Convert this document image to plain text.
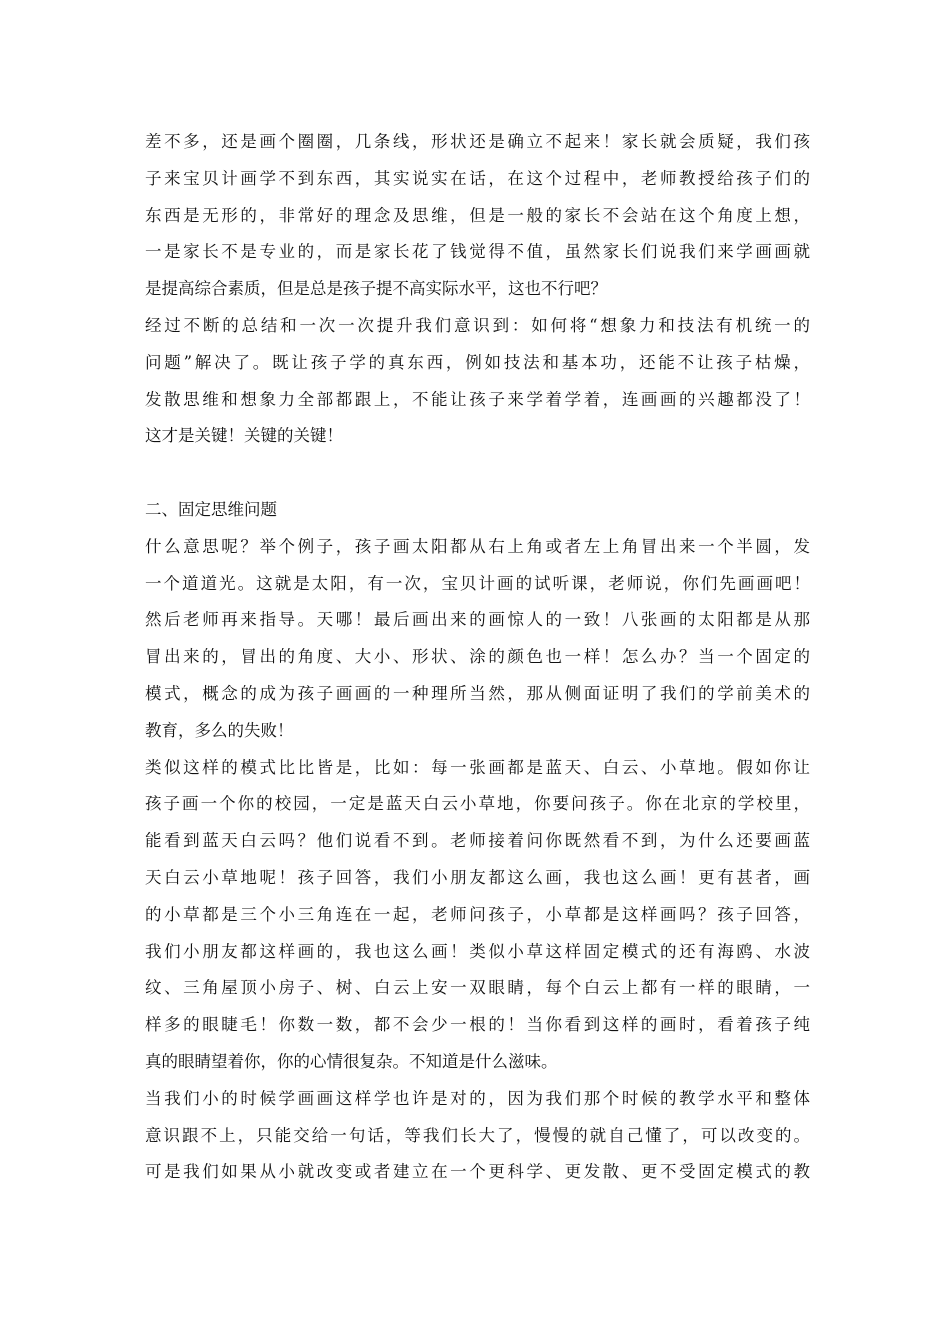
差不多，还是画个圈圈，几条线，形状还是确立不起来！家长就会质疑，我们孩
子来宝贝计画学不到东西，其实说实在话，在这个过程中，老师教授给孩子们的
东西是无形的，非常好的理念及思维，但是一般的家长不会站在这个角度上想，
一是家长不是专业的，而是家长花了钱觉得不值，虽然家长们说我们来学画画就
是提高综合素质，但是总是孩子提不高实际水平，这也不行吧？
经过不断的总结和一次一次提升我们意识到：如何将“想象力和技法有机统一的
问题”解决了。既让孩子学的真东西，例如技法和基本功，还能不让孩子枯燥，
发散思维和想象力全部都跟上，不能让孩子来学着学着，连画画的兴趣都没了！
这才是关键！关键的关键！
二、固定思维问题
什么意思呢？举个例子，孩子画太阳都从右上角或者左上角冒出来一个半圆，发
一个道道光。这就是太阳，有一次，宝贝计画的试听课，老师说，你们先画画吧！
然后老师再来指导。天哪！最后画出来的画惊人的一致！八张画的太阳都是从那
冒出来的，冒出的角度、大小、形状、涂的颜色也一样！怎么办？当一个固定的
模式，概念的成为孩子画画的一种理所当然，那从侧面证明了我们的学前美术的
教育，多么的失败！
类似这样的模式比比皆是，比如：每一张画都是蓝天、白云、小草地。假如你让
孩子画一个你的校园，一定是蓝天白云小草地，你要问孩子。你在北京的学校里，
能看到蓝天白云吗？他们说看不到。老师接着问你既然看不到，为什么还要画蓝
天白云小草地呢！孩子回答，我们小朋友都这么画，我也这么画！更有甚者，画
的小草都是三个小三角连在一起，老师问孩子，小草都是这样画吗？孩子回答，
我们小朋友都这样画的，我也这么画！类似小草这样固定模式的还有海鸥、水波
纹、三角屋顶小房子、树、白云上安一双眼睛，每个白云上都有一样的眼睛，一
样多的眼睫毛！你数一数，都不会少一根的！当你看到这样的画时，看着孩子纯
真的眼睛望着你，你的心情很复杂。不知道是什么滋味。
当我们小的时候学画画这样学也许是对的，因为我们那个时候的教学水平和整体
意识跟不上，只能交给一句话，等我们长大了，慢慢的就自己懂了，可以改变的。
可是我们如果从小就改变或者建立在一个更科学、更发散、更不受固定模式的教
